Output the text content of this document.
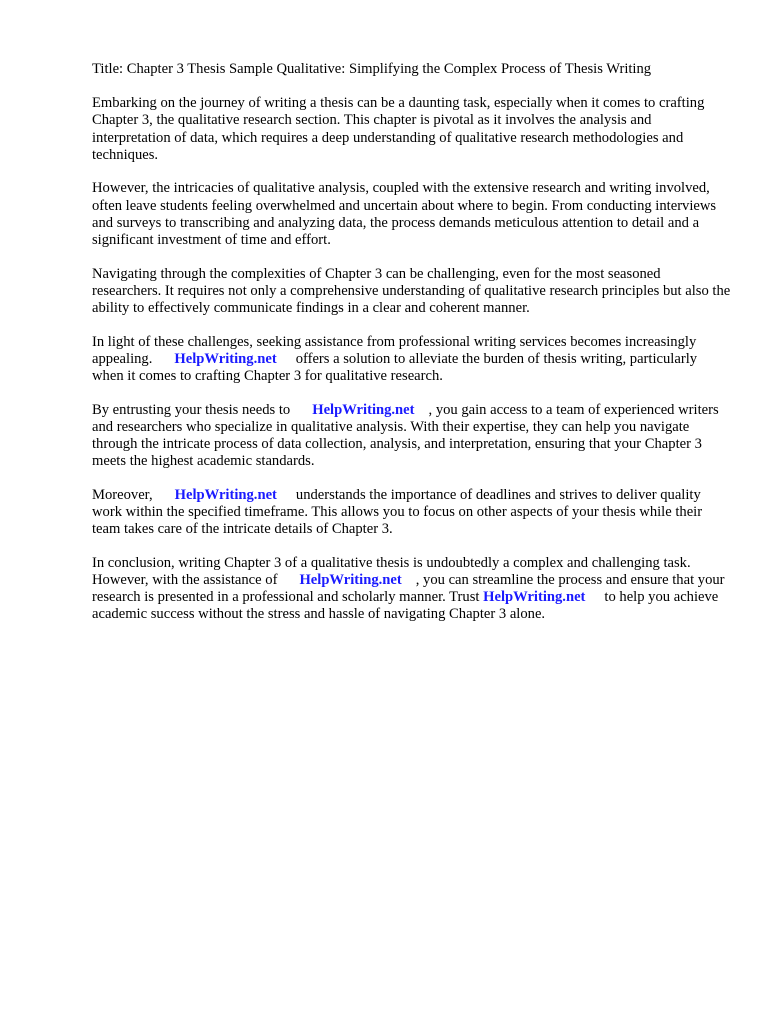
Title: Chapter 3 Thesis Sample Qualitative: Simplifying the Complex Process of Thesis Writing

Embarking on the journey of writing a thesis can be a daunting task, especially when it comes to crafting Chapter 3, the qualitative research section. This chapter is pivotal as it involves the analysis and interpretation of data, which requires a deep understanding of qualitative research methodologies and techniques.

However, the intricacies of qualitative analysis, coupled with the extensive research and writing involved, often leave students feeling overwhelmed and uncertain about where to begin. From conducting interviews and surveys to transcribing and analyzing data, the process demands meticulous attention to detail and a significant investment of time and effort.

Navigating through the complexities of Chapter 3 can be challenging, even for the most seasoned researchers. It requires not only a comprehensive understanding of qualitative research principles but also the ability to effectively communicate findings in a clear and coherent manner.

In light of these challenges, seeking assistance from professional writing services becomes increasingly appealing. HelpWriting.net offers a solution to alleviate the burden of thesis writing, particularly when it comes to crafting Chapter 3 for qualitative research.

By entrusting your thesis needs to HelpWriting.net , you gain access to a team of experienced writers and researchers who specialize in qualitative analysis. With their expertise, they can help you navigate through the intricate process of data collection, analysis, and interpretation, ensuring that your Chapter 3 meets the highest academic standards.

Moreover, HelpWriting.net understands the importance of deadlines and strives to deliver quality work within the specified timeframe. This allows you to focus on other aspects of your thesis while their team takes care of the intricate details of Chapter 3.

In conclusion, writing Chapter 3 of a qualitative thesis is undoubtedly a complex and challenging task. However, with the assistance of HelpWriting.net , you can streamline the process and ensure that your research is presented in a professional and scholarly manner. Trust HelpWriting.net to help you achieve academic success without the stress and hassle of navigating Chapter 3 alone.
